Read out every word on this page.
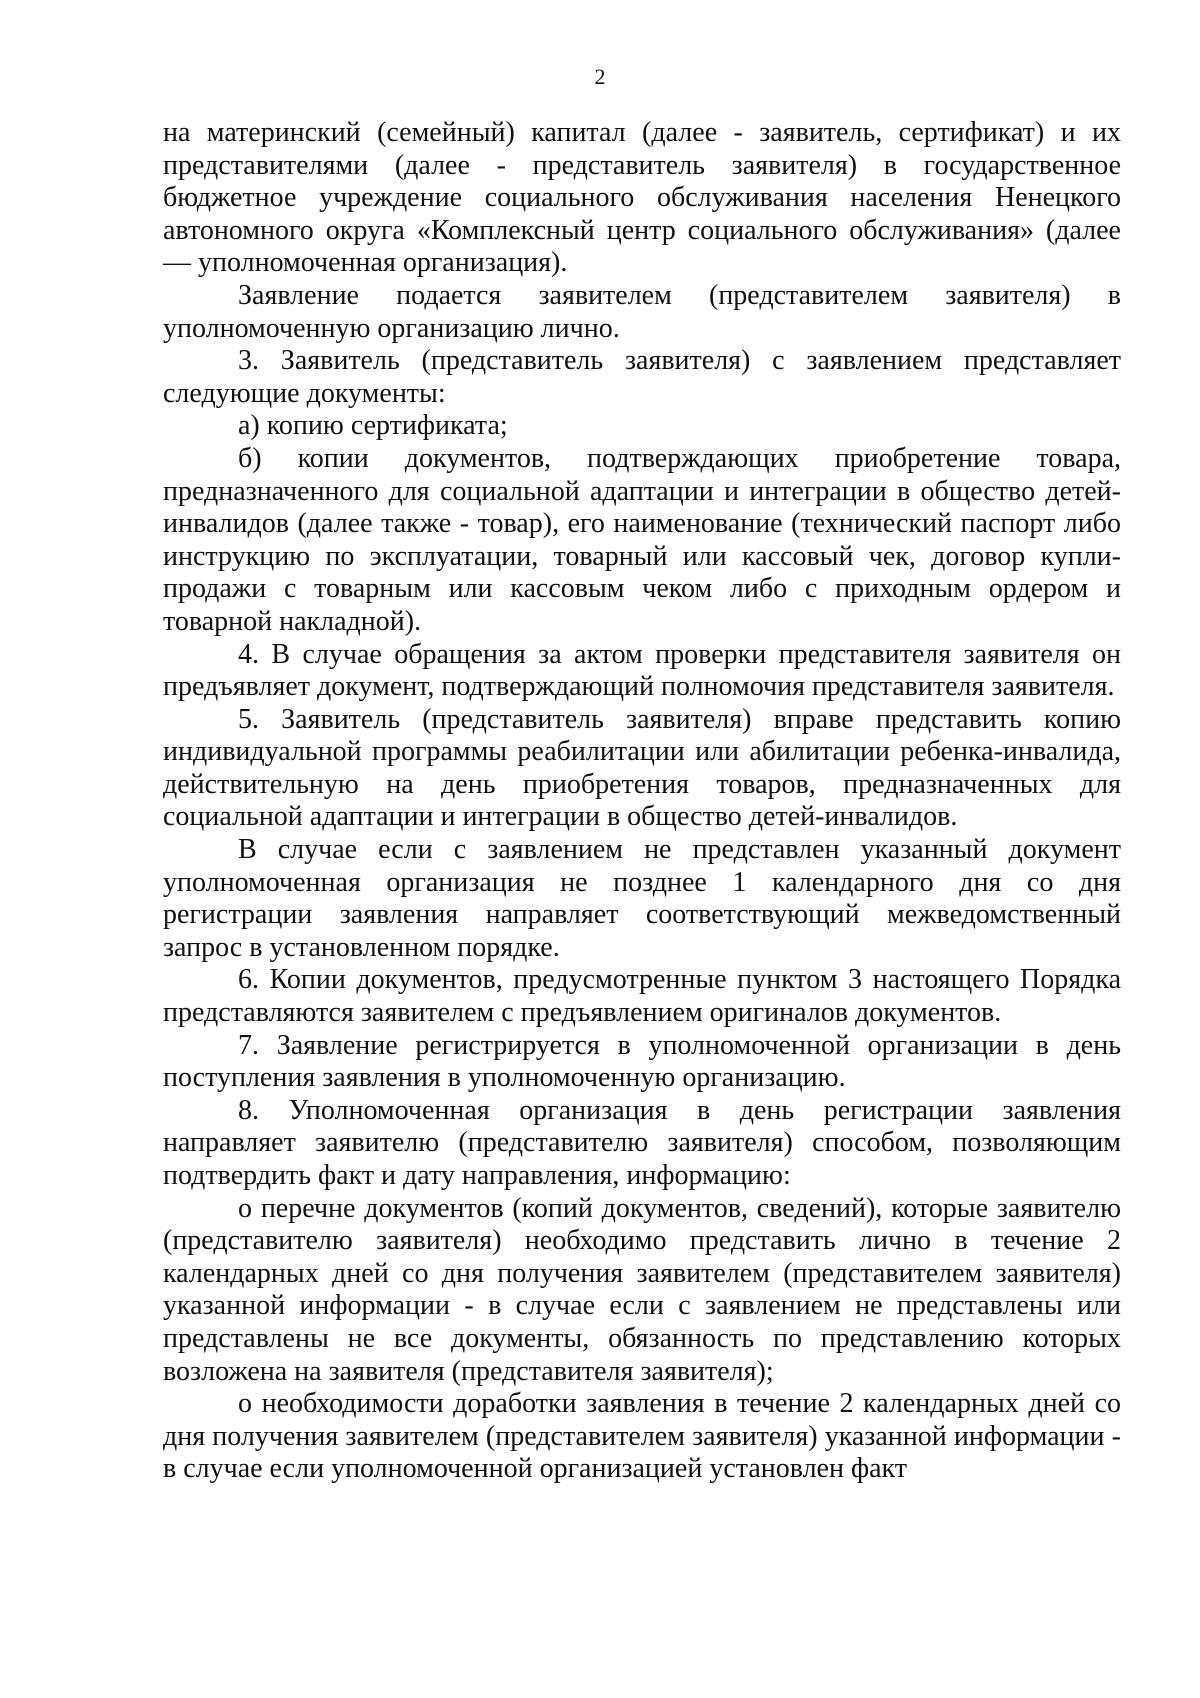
2

на материнский (семейный) капитал (далее - заявитель, сертификат) и их представителями (далее - представитель заявителя) в государственное бюджетное учреждение социального обслуживания населения Ненецкого автономного округа «Комплексный центр социального обслуживания» (далее — уполномоченная организация).

Заявление подается заявителем (представителем заявителя) в уполномоченную организацию лично.

3. Заявитель (представитель заявителя) с заявлением представляет следующие документы:

а) копию сертификата;

б) копии документов, подтверждающих приобретение товара, предназначенного для социальной адаптации и интеграции в общество детей-инвалидов (далее также - товар), его наименование (технический паспорт либо инструкцию по эксплуатации, товарный или кассовый чек, договор купли-продажи с товарным или кассовым чеком либо с приходным ордером и товарной накладной).

4. В случае обращения за актом проверки представителя заявителя он предъявляет документ, подтверждающий полномочия представителя заявителя.

5. Заявитель (представитель заявителя) вправе представить копию индивидуальной программы реабилитации или абилитации ребенка-инвалида, действительную на день приобретения товаров, предназначенных для социальной адаптации и интеграции в общество детей-инвалидов.

В случае если с заявлением не представлен указанный документ уполномоченная организация не позднее 1 календарного дня со дня регистрации заявления направляет соответствующий межведомственный запрос в установленном порядке.

6. Копии документов, предусмотренные пунктом 3 настоящего Порядка представляются заявителем с предъявлением оригиналов документов.

7. Заявление регистрируется в уполномоченной организации в день поступления заявления в уполномоченную организацию.

8. Уполномоченная организация в день регистрации заявления направляет заявителю (представителю заявителя) способом, позволяющим подтвердить факт и дату направления, информацию:

о перечне документов (копий документов, сведений), которые заявителю (представителю заявителя) необходимо представить лично в течение 2 календарных дней со дня получения заявителем (представителем заявителя) указанной информации - в случае если с заявлением не представлены или представлены не все документы, обязанность по представлению которых возложена на заявителя (представителя заявителя);

о необходимости доработки заявления в течение 2 календарных дней со дня получения заявителем (представителем заявителя) указанной информации - в случае если уполномоченной организацией установлен факт
